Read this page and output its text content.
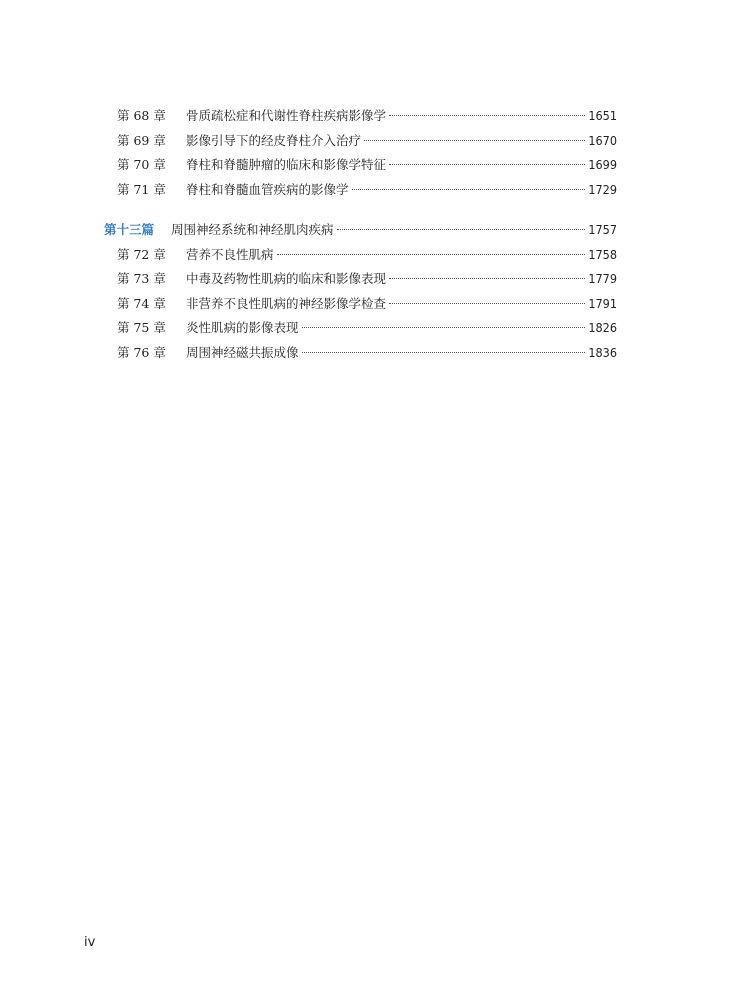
第 68 章	骨质疏松症和代谢性脊柱疾病影像学	1651
第 69 章	影像引导下的经皮脊柱介入治疗	1670
第 70 章	脊柱和脊髓肿瘤的临床和影像学特征	1699
第 71 章	脊柱和脊髓血管疾病的影像学	1729
第十三篇	周围神经系统和神经肌肉疾病	1757
第 72 章	营养不良性肌病	1758
第 73 章	中毒及药物性肌病的临床和影像表现	1779
第 74 章	非营养不良性肌病的神经影像学检查	1791
第 75 章	炎性肌病的影像表现	1826
第 76 章	周围神经磁共振成像	1836
iv
